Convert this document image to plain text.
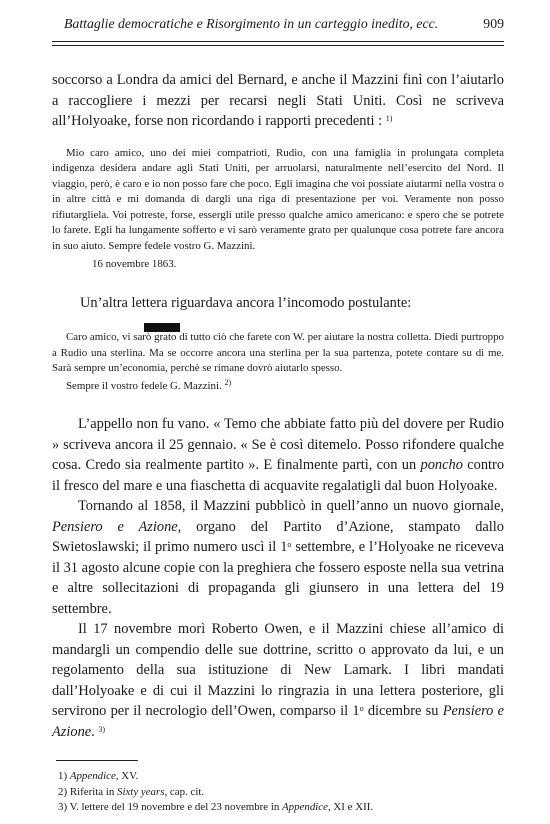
Battaglie democratiche e Risorgimento in un carteggio inedito, ecc.	909

soccorso a Londra da amici del Bernard, e anche il Mazzini finì con l’aiutarlo a raccogliere i mezzi per recarsi negli Stati Uniti. Così ne scriveva all’Holyoake, forse non ricordando i rapporti precedenti : $^{1)}$

Mio caro amico, uno dei miei compatrioti, Rudio, con una famiglia in prolungata completa indigenza desidera andare agli Stati Uniti, per arruolarsi, naturalmente nell’esercito del Nord. Il viaggio, però, è caro e io non posso fare che poco. Egli imagina che voi possiate aiutarmi nella vostra o in altre città e mi domanda di dargli una riga di presentazione per voi. Veramente non posso rifiutargliela. Voi potreste, forse, essergli utile presso qualche amico americano: e spero che se potrete lo farete. Egli ha lungamente sofferto e vi sarò veramente grato per qualunque cosa potrete fare ancora in suo aiuto. Sempre fedele vostro G. Mazzini.

16 novembre 1863.

Un’altra lettera riguardava ancora l’incomodo postulante:

Caro amico, vi sarò grato di tutto ciò che farete con W. per aiutare la nostra colletta. Diedi purtroppo a Rudio una sterlina. Ma se occorre ancora una sterlina per la sua partenza, potete contare su di me. Sarà sempre un’economia, perchè se rimane dovrò aiutarlo spesso.

Sempre il vostro fedele G. Mazzini. $^{2)}$

L’appello non fu vano. « Temo che abbiate fatto più del dovere per Rudio » scriveva ancora il 25 gennaio. « Se è così ditemelo. Posso rifondere qualche cosa. Credo sia realmente partito ». E finalmente partì, con un poncho contro il fresco del mare e una fiaschetta di acquavite regalatigli dal buon Holyoake.

Tornando al 1858, il Mazzini pubblicò in quell’anno un nuovo giornale, Pensiero e Azione, organo del Partito d’Azione, stampato dallo Swietoslawski; il primo numero uscì il 1$^o$ settembre, e l’Holyoake ne riceveva il 31 agosto alcune copie con la preghiera che fossero esposte nella sua vetrina e altre sollecitazioni di propaganda gli giunsero in una lettera del 19 settembre.

Il 17 novembre morì Roberto Owen, e il Mazzini chiese all’amico di mandargli un compendio delle sue dottrine, scritto o approvato da lui, e un regolamento della sua istituzione di New Lamark. I libri mandati dall’Holyoake e di cui il Mazzini lo ringrazia in una lettera posteriore, gli servirono per il necrologio dell’Owen, comparso il 1$^o$ dicembre su Pensiero e Azione. $^{3)}$

1) Appendice, XV.
2) Riferita in Sixty years, cap. cit.
3) V. lettere del 19 novembre e del 23 novembre in Appendice, XI e XII.
